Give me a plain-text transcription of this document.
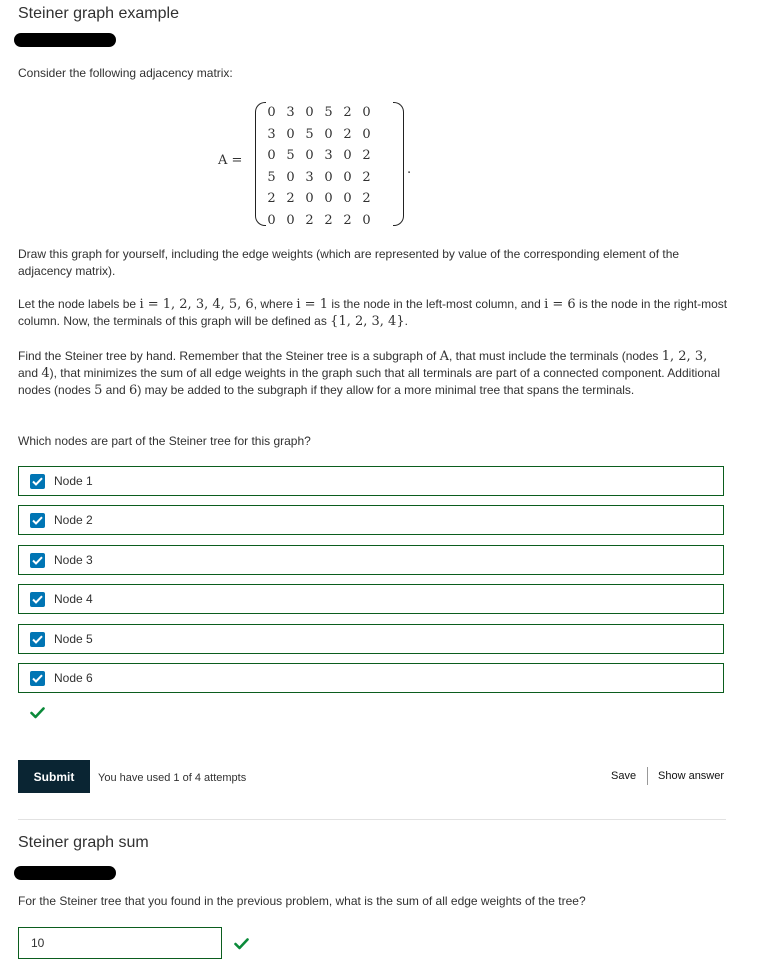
Steiner graph example
Consider the following adjacency matrix:
A =
0 3 0 5 2 0
3 0 5 0 2 0
0 5 0 3 0 2
5 0 3 0 0 2
2 2 0 0 0 2
0 0 2 2 2 0
.
Draw this graph for yourself, including the edge weights (which are represented by value of the corresponding element of the adjacency matrix).
Let the node labels be i = 1, 2, 3, 4, 5, 6, where i = 1 is the node in the left-most column, and i = 6 is the node in the right-most column. Now, the terminals of this graph will be defined as {1, 2, 3, 4}.
Find the Steiner tree by hand. Remember that the Steiner tree is a subgraph of A, that must include the terminals (nodes 1, 2, 3, and 4), that minimizes the sum of all edge weights in the graph such that all terminals are part of a connected component. Additional nodes (nodes 5 and 6) may be added to the subgraph if they allow for a more minimal tree that spans the terminals.
Which nodes are part of the Steiner tree for this graph?
Node 1
Node 2
Node 3
Node 4
Node 5
Node 6
Submit	You have used 1 of 4 attempts	Save Show answer
Steiner graph sum
For the Steiner tree that you found in the previous problem, what is the sum of all edge weights of the tree?
10
